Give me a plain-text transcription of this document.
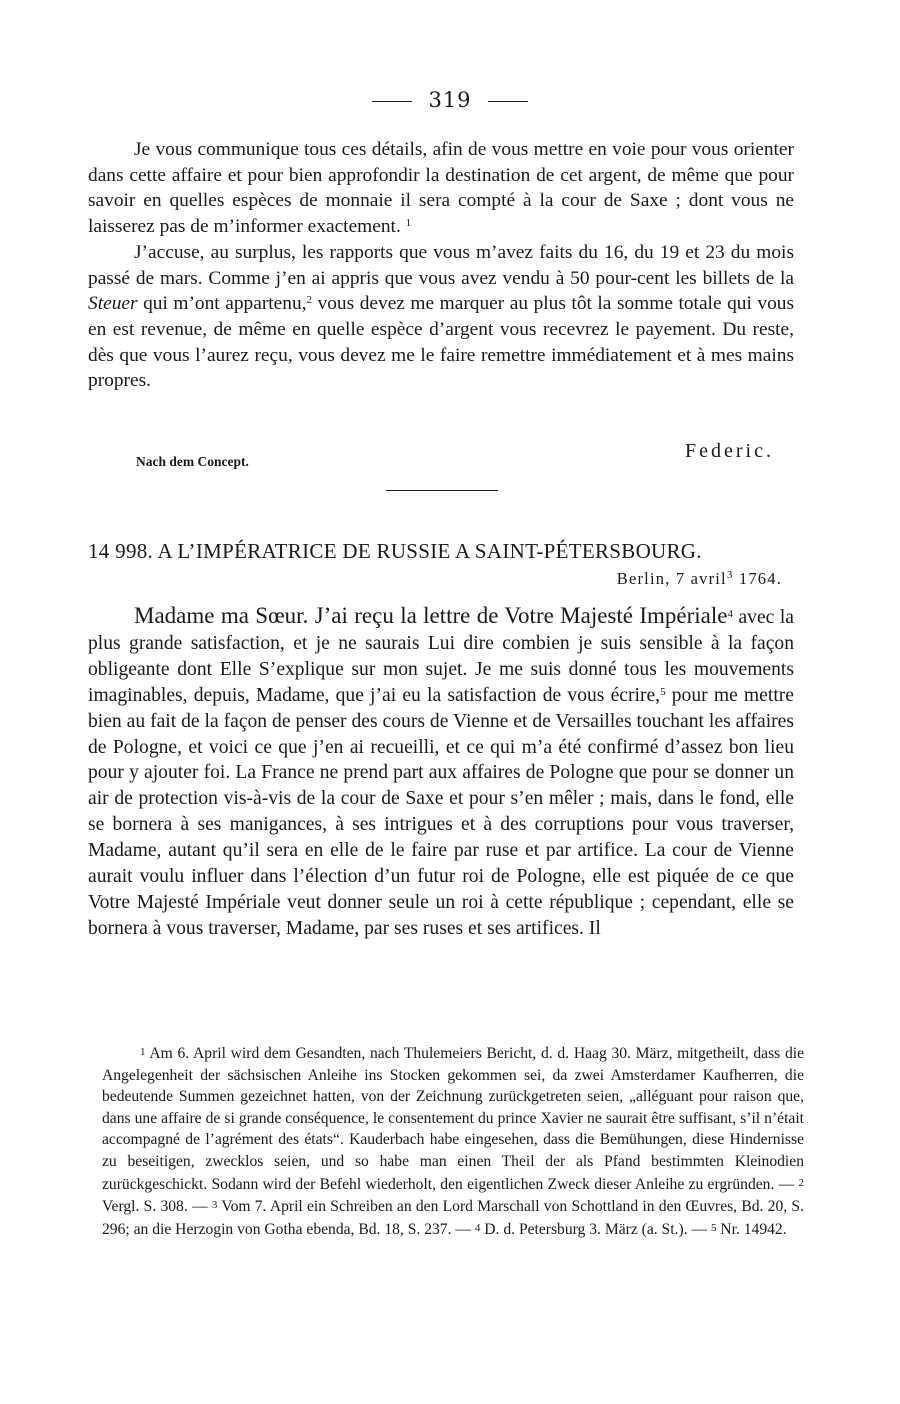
319

Je vous communique tous ces détails, afin de vous mettre en voie pour vous orienter dans cette affaire et pour bien approfondir la destination de cet argent, de même que pour savoir en quelles espèces de monnaie il sera compté à la cour de Saxe ; dont vous ne laisserez pas de m’informer exactement. $^1$

J’accuse, au surplus, les rapports que vous m’avez faits du 16, du 19 et 23 du mois passé de mars. Comme j’en ai appris que vous avez vendu à 50 pour-cent les billets de la Steuer qui m’ont appartenu,$^2$ vous devez me marquer au plus tôt la somme totale qui vous en est revenue, de même en quelle espèce d’argent vous recevrez le payement. Du reste, dès que vous l’aurez reçu, vous devez me le faire remettre immédiatement et à mes mains propres.

Nach dem Concept.	Federic.
14 998. A L’IMPÉRATRICE DE RUSSIE A SAINT-PÉTERSBOURG.
Berlin, 7 avril$^3$ 1764.

Madame ma Sœur. J’ai reçu la lettre de Votre Majesté Impériale$^4$ avec la plus grande satisfaction, et je ne saurais Lui dire combien je suis sensible à la façon obligeante dont Elle S’explique sur mon sujet. Je me suis donné tous les mouvements imaginables, depuis, Madame, que j’ai eu la satisfaction de vous écrire,$^5$ pour me mettre bien au fait de la façon de penser des cours de Vienne et de Versailles touchant les affaires de Pologne, et voici ce que j’en ai recueilli, et ce qui m’a été confirmé d’assez bon lieu pour y ajouter foi. La France ne prend part aux affaires de Pologne que pour se donner un air de protection vis-à-vis de la cour de Saxe et pour s’en mêler ; mais, dans le fond, elle se bornera à ses manigances, à ses intrigues et à des corruptions pour vous traverser, Madame, autant qu’il sera en elle de le faire par ruse et par artifice. La cour de Vienne aurait voulu influer dans l’élection d’un futur roi de Pologne, elle est piquée de ce que Votre Majesté Impériale veut donner seule un roi à cette république ; cependant, elle se bornera à vous traverser, Madame, par ses ruses et ses artifices. Il

1 Am 6. April wird dem Gesandten, nach Thulemeiers Bericht, d. d. Haag 30. März, mitgetheilt, dass die Angelegenheit der sächsischen Anleihe ins Stocken gekommen sei, da zwei Amsterdamer Kaufherren, die bedeutende Summen gezeichnet hatten, von der Zeichnung zurückgetreten seien, „alléguant pour raison que, dans une affaire de si grande conséquence, le consentement du prince Xavier ne saurait être suffisant, s’il n’était accompagné de l’agrément des états“. Kauderbach habe eingesehen, dass die Bemühungen, diese Hindernisse zu beseitigen, zwecklos seien, und so habe man einen Theil der als Pfand bestimmten Kleinodien zurückgeschickt. Sodann wird der Befehl wiederholt, den eigentlichen Zweck dieser Anleihe zu ergründen. — 2 Vergl. S. 308. — 3 Vom 7. April ein Schreiben an den Lord Marschall von Schottland in den Œuvres, Bd. 20, S. 296; an die Herzogin von Gotha ebenda, Bd. 18, S. 237. — 4 D. d. Petersburg 3. März (a. St.). — 5 Nr. 14942.
